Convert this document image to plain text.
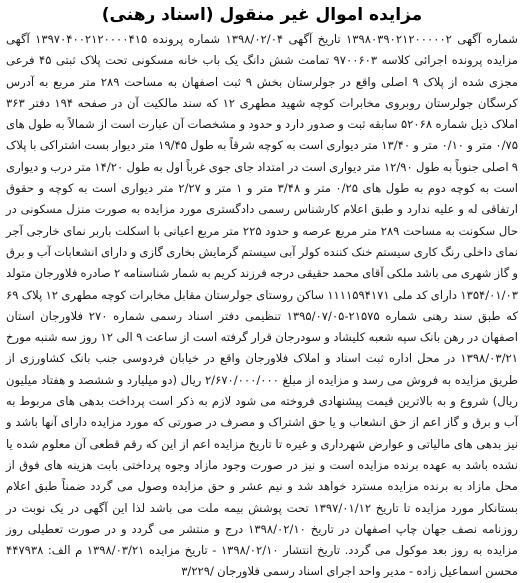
مزایده اموال غیر منقول (اسناد رهنی)

شماره آگهی ۱۳۹۸۰۳۹۰۲۱۲۰۰۰۰۰۲ تاریخ آگهی ۱۳۹۸/۰۲/۰۴ شماره پرونده ۱۳۹۷۰۴۰۰۲۱۲۰۰۰۰۴۱۵ آگهی مزایده پرونده اجرائی کلاسه ۹۷۰۰۶۰۳ تمامت شش دانگ یک باب خانه مسکونی تحت پلاک ثبتی ۴۵ فرعی مجزی شده از پلاک ۹ اصلی واقع در جولرستان بخش ۹ ثبت اصفهان به مساحت ۲۸۹ متر مربع به آدرس کرسگان جولرستان روبروی مخابرات کوچه شهید مطهری ۱۲ که سند مالکیت آن در صفحه ۱۹۴ دفتر ۳۶۳ املاک ذیل شماره ۵۲۰۶۸ سابقه ثبت و صدور دارد و حدود و مشخصات آن عبارت است از شمالاً به طول های ۰/۷۵ متر و ۰/۱۰ متر و ۱۳/۴۰ متر دیواری است به کوچه شرقاً به طول ۱۹/۴۵ متر دیوار بست اشتراکی با پلاک ۹ اصلی جنوباً به طول ۱۲/۹۰ متر دیواری است در امتداد جای جوی غرباً اول به طول ۱۴/۲۰ متر درب و دیواری است به کوچه دوم به طول های ۰/۲۵ متر و ۳/۴۸ متر و ۱ متر و ۲/۲۷ متر دیواری است به کوچه و حقوق ارتفاقی له و علیه ندارد و طبق اعلام کارشناس رسمی دادگستری مورد مزایده به صورت منزل مسکونی در حال سکونت به مساحت ۲۸۹ متر مربع عرصه و حدود ۲۲۵ متر مربع اعیانی با اسکلت باربر نمای خارجی آجر نمای داخلی رنگ کاری سیستم خنک کننده کولر آبی سیستم گرمایش بخاری گازی و دارای انشعابات آب و برق و گاز شهری می باشد ملکی آقای محمد حقیقی درجه فرزند کریم به شمار شناسنامه ۲ صادره فلاورجان متولد ۱۳۵۴/۰۱/۰۳ دارای کد ملی ۱۱۱۱۵۹۴۱۷۱ ساکن روستای جولرستان مقابل مخابرات کوچه مطهری ۱۲ پلاک ۶۹ که طبق سند رهنی شماره ۲۱۵۷۵-۱۳۹۵/۰۷/۰۵ تنظیمی دفتر اسناد رسمی شماره ۲۷۰ فلاورجان استان اصفهان در رهن بانک سپه شعبه کلیشاد و سودرجان قرار گرفته است از ساعت ۹ الی ۱۲ روز سه شنبه مورخ ۱۳۹۸/۰۳/۲۱ در محل اداره ثبت اسناد و املاک فلاورجان واقع در خیابان فردوسی جنب بانک کشاورزی از طریق مزایده به فروش می رسد و مزایده از مبلغ ۲/۶۷۰/۰۰۰/۰۰۰ ریال (دو میلیارد و ششصد و هفتاد میلیون ریال) شروع و به بالاترین قیمت پیشنهادی فروخته می شود لازم به ذکر است پرداخت بدهی های مربوط به آب و برق و گاز اعم از حق انشعاب و یا حق اشتراک و مصرف در صورتی که مورد مزایده دارای آنها باشد و نیز بدهی های مالیاتی و عوارض شهرداری و غیره تا تاریخ مزایده اعم از این که رقم قطعی آن معلوم شده یا نشده باشد به عهده برنده مزایده است و نیز در صورت وجود مازاد وجوه پرداختی بابت هزینه های فوق از محل مازاد به برنده مزایده مسترد خواهد شد و نیم عشر و حق مزایده وصول می گردد ضمناً طبق اعلام بستانکار مورد مزایده تا تاریخ ۱۳۹۷/۰۱/۱۲ تحت پوشش بیمه ملت می باشد لذا این آگهی در یک نوبت در روزنامه نصف جهان چاپ اصفهان در تاریخ ۱۳۹۸/۰۲/۱۰ درج و منتشر می گردد و در صورت تعطیلی روز مزایده به روز بعد موکول می گردد. تاریخ انتشار ۱۳۹۸/۰۲/۱۰ - تاریخ مزایده ۱۳۹۸/۰۳/۲۱ م الف: ۴۴۷۹۳۸ محسن اسماعیل زاده - مدیر واحد اجرای اسناد رسمی فلاورجان /۳/۲۲۹
